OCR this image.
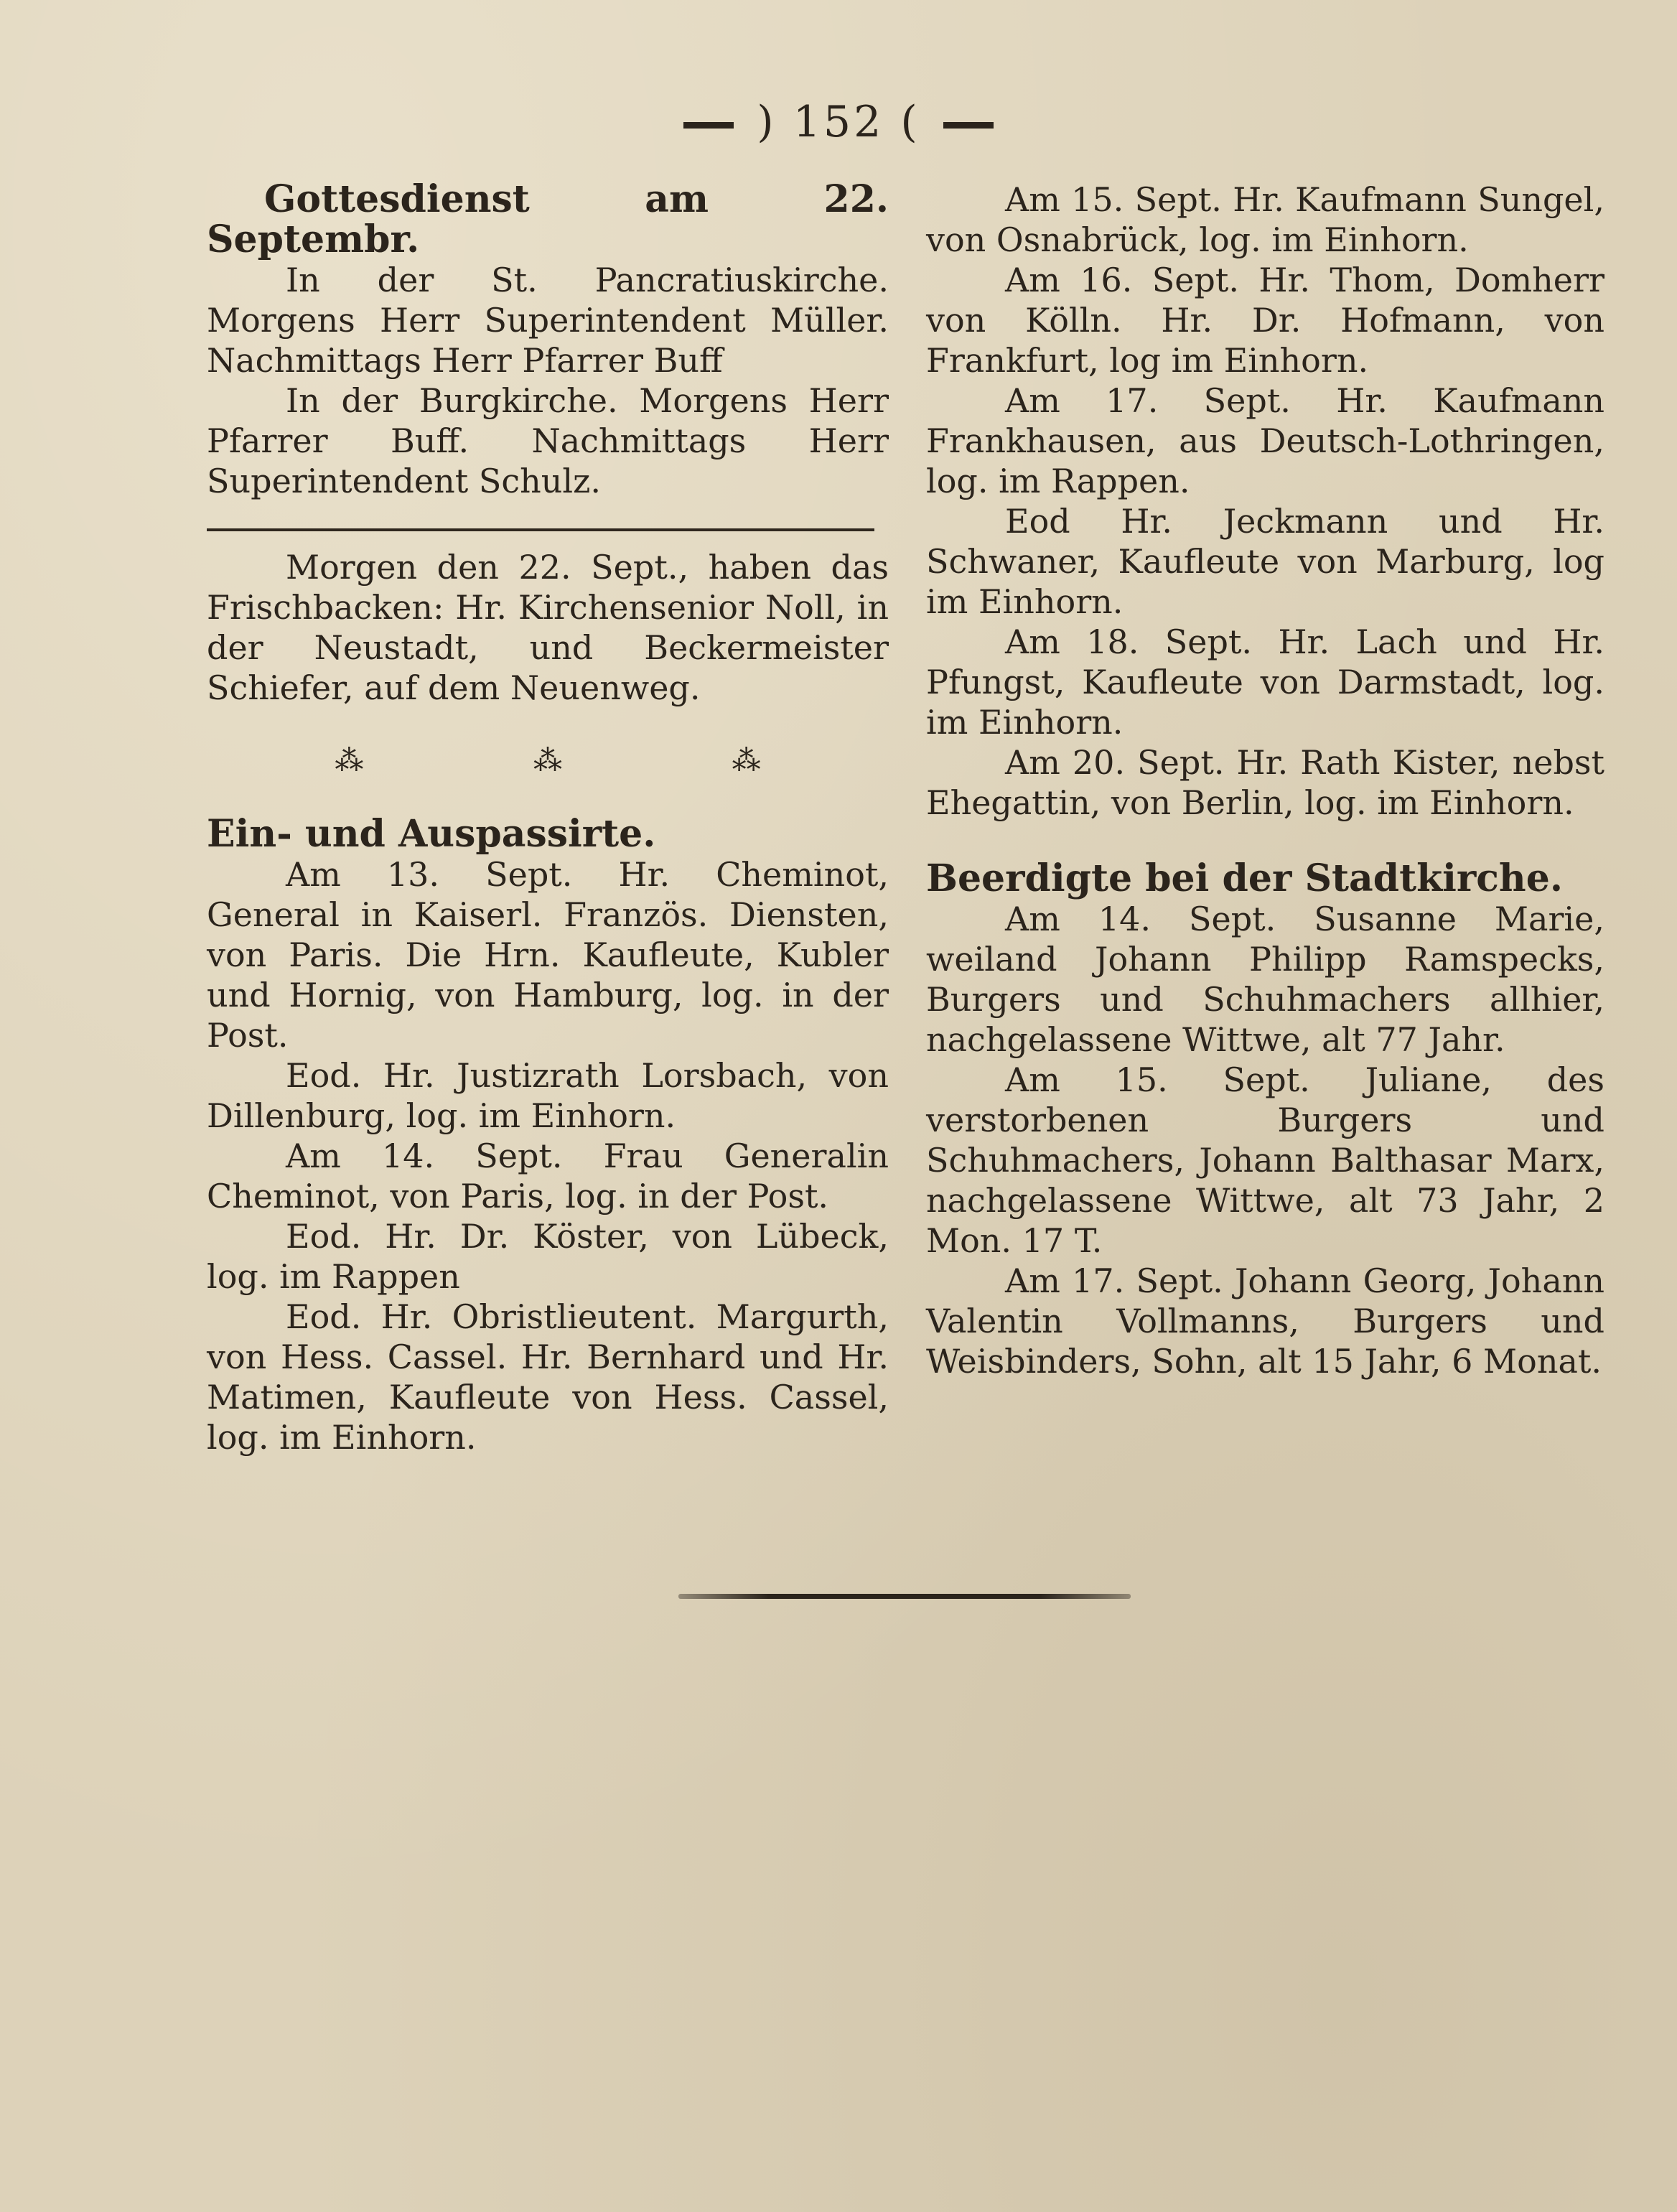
) 152 (

Gottesdienst am 22. Septembr.

In der St. Pancratiuskirche. Morgens Herr Superintendent Müller. Nachmittags Herr Pfarrer Buff

In der Burgkirche. Morgens Herr Pfarrer Buff. Nachmittags Herr Superintendent Schulz.

Morgen den 22. Sept., haben das Frischbacken: Hr. Kirchensenior Noll, in der Neustadt, und Beckermeister Schiefer, auf dem Neuenweg.

⁂	⁂	⁂

Ein- und Auspassirte.

Am 13. Sept. Hr. Cheminot, General in Kaiserl. Französ. Diensten, von Paris. Die Hrn. Kaufleute, Kubler und Hornig, von Hamburg, log. in der Post.

Eod. Hr. Justizrath Lorsbach, von Dillenburg, log. im Einhorn.

Am 14. Sept. Frau Generalin Cheminot, von Paris, log. in der Post.

Eod. Hr. Dr. Köster, von Lübeck, log. im Rappen

Eod. Hr. Obristlieutent. Margurth, von Hess. Cassel. Hr. Bernhard und Hr. Matimen, Kaufleute von Hess. Cassel, log. im Einhorn.

Am 15. Sept. Hr. Kaufmann Sungel, von Osnabrück, log. im Einhorn.

Am 16. Sept. Hr. Thom, Domherr von Kölln. Hr. Dr. Hofmann, von Frankfurt, log im Einhorn.

Am 17. Sept. Hr. Kaufmann Frankhausen, aus Deutsch-Lothringen, log. im Rappen.

Eod Hr. Jeckmann und Hr. Schwaner, Kaufleute von Marburg, log im Einhorn.

Am 18. Sept. Hr. Lach und Hr. Pfungst, Kaufleute von Darmstadt, log. im Einhorn.

Am 20. Sept. Hr. Rath Kister, nebst Ehegattin, von Berlin, log. im Einhorn.

Beerdigte bei der Stadtkirche.

Am 14. Sept. Susanne Marie, weiland Johann Philipp Ramspecks, Burgers und Schuhmachers allhier, nachgelassene Wittwe, alt 77 Jahr.

Am 15. Sept. Juliane, des verstorbenen Burgers und Schuhmachers, Johann Balthasar Marx, nachgelassene Wittwe, alt 73 Jahr, 2 Mon. 17 T.

Am 17. Sept. Johann Georg, Johann Valentin Vollmanns, Burgers und Weisbinders, Sohn, alt 15 Jahr, 6 Monat.
